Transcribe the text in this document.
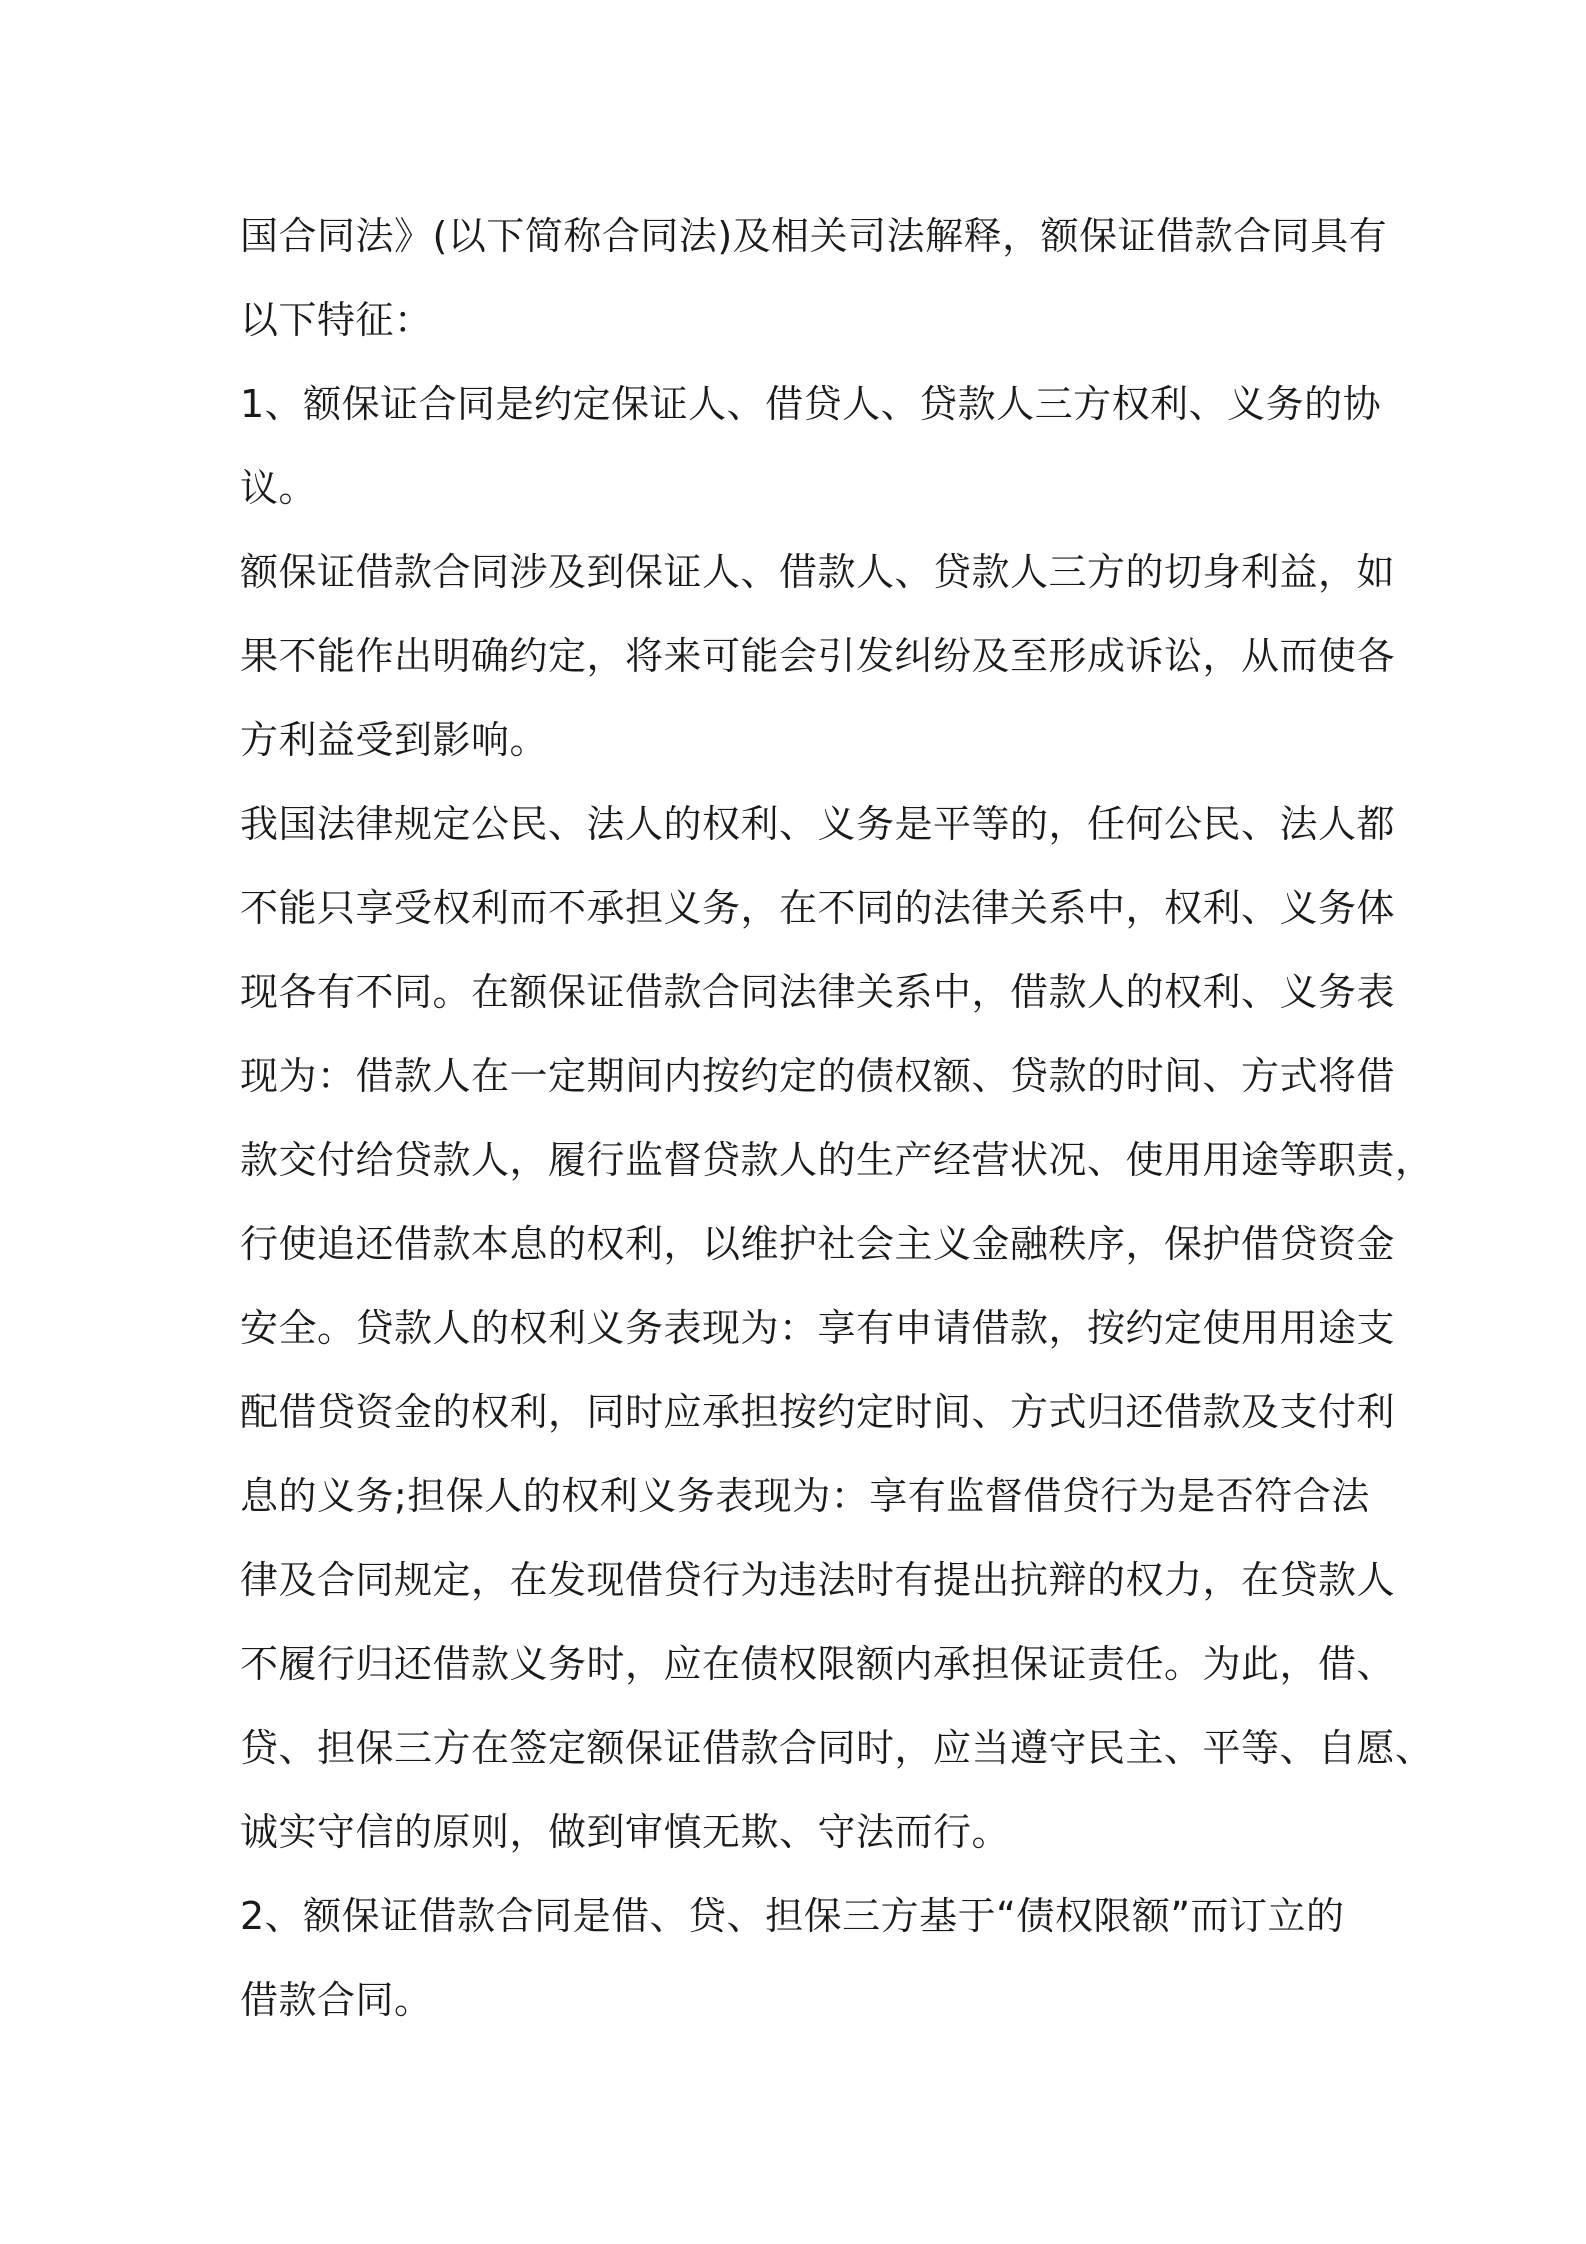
国合同法》(以下简称合同法)及相关司法解释，额保证借款合同具有
以下特征：
1、额保证合同是约定保证人、借贷人、贷款人三方权利、义务的协
议。
额保证借款合同涉及到保证人、借款人、贷款人三方的切身利益，如
果不能作出明确约定，将来可能会引发纠纷及至形成诉讼，从而使各
方利益受到影响。
我国法律规定公民、法人的权利、义务是平等的，任何公民、法人都
不能只享受权利而不承担义务，在不同的法律关系中，权利、义务体
现各有不同。在额保证借款合同法律关系中，借款人的权利、义务表
现为：借款人在一定期间内按约定的债权额、贷款的时间、方式将借
款交付给贷款人，履行监督贷款人的生产经营状况、使用用途等职责，
行使追还借款本息的权利，以维护社会主义金融秩序，保护借贷资金
安全。贷款人的权利义务表现为：享有申请借款，按约定使用用途支
配借贷资金的权利，同时应承担按约定时间、方式归还借款及支付利
息的义务;担保人的权利义务表现为：享有监督借贷行为是否符合法
律及合同规定，在发现借贷行为违法时有提出抗辩的权力，在贷款人
不履行归还借款义务时，应在债权限额内承担保证责任。为此，借、
贷、担保三方在签定额保证借款合同时，应当遵守民主、平等、自愿、
诚实守信的原则，做到审慎无欺、守法而行。
2、额保证借款合同是借、贷、担保三方基于“债权限额”而订立的
借款合同。
